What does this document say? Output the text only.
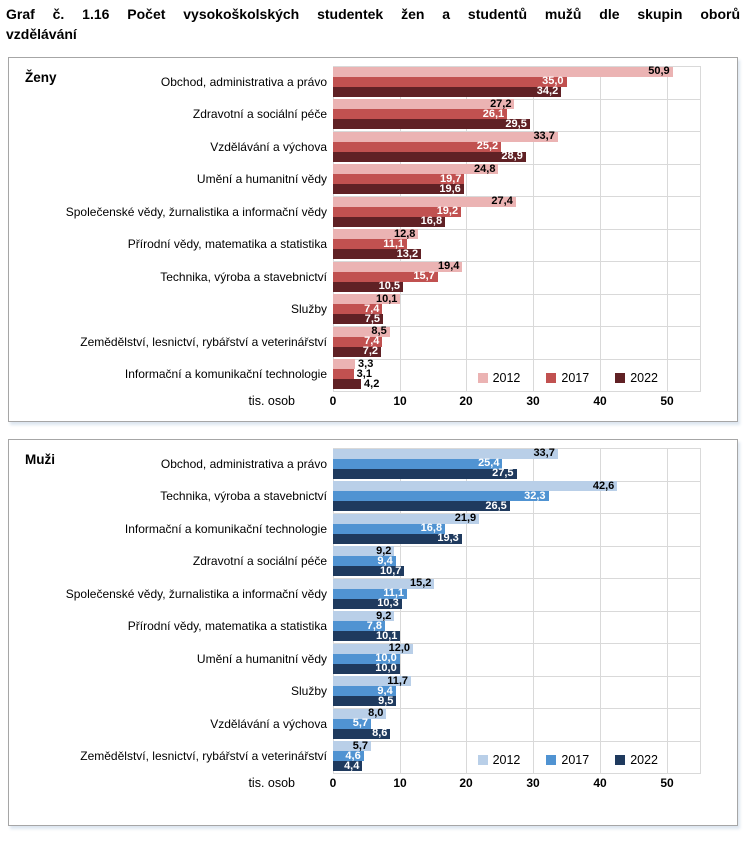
Graf č. 1.16 Počet vysokoškolských studentek žen a studentů mužů dle skupin oborů
vzdělávání
Ženy	Obchod, administrativa a právo
50,9
35,0
34,2
Zdravotní a sociální péče
27,2
26,1
29,5
Vzdělávání a výchova
33,7
25,2
28,9
Umění a humanitní vědy
24,8
19,7
19,6
Společenské vědy, žurnalistika a informační vědy
27,4
19,2
16,8
Přírodní vědy, matematika a statistika
12,8
11,1
13,2
Technika, výroba a stavebnictví
19,4
15,7
10,5
Služby
10,1
7,4
7,5
Zemědělství, lesnictví, rybářství a veterinářství
8,5
7,4
7,2
Informační a komunikační technologie
3,3
3,1
4,2	2012	2017	2022
tis. osob	0	10	20	30	40	50
Muži	Obchod, administrativa a právo
33,7
25,4
27,5
Technika, výroba a stavebnictví
42,6
32,3
26,5
Informační a komunikační technologie
21,9
16,8
19,3
Zdravotní a sociální péče
9,2
9,4
10,7
Společenské vědy, žurnalistika a informační vědy
15,2
11,1
10,3
Přírodní vědy, matematika a statistika
9,2
7,8
10,1
Umění a humanitní vědy
12,0
10,0
10,0
Služby
11,7
9,4
9,5
Vzdělávání a výchova
8,0
5,7
8,6
Zemědělství, lesnictví, rybářství a veterinářství
5,7
4,6
4,4	2012	2017	2022
tis. osob	0	10	20	30	40	50
